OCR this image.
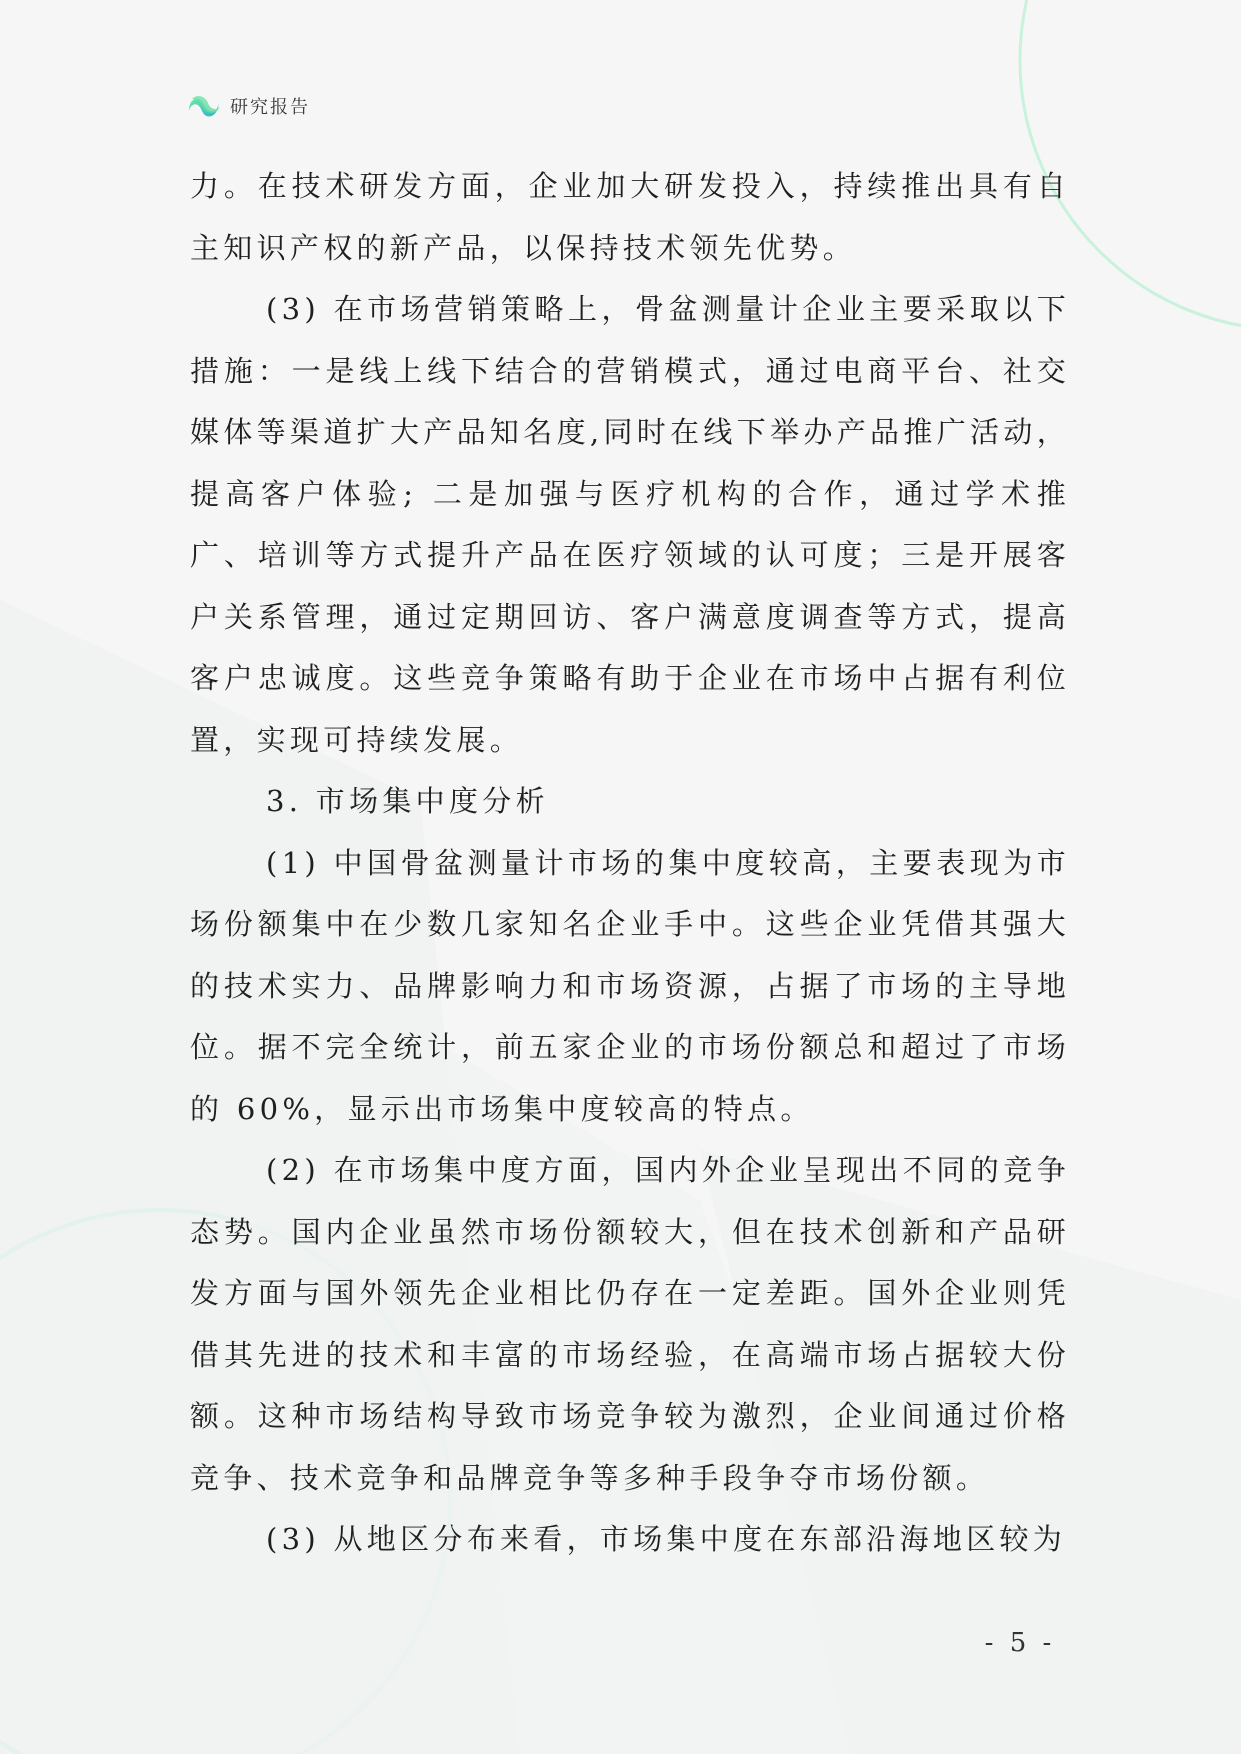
研究报告

力。在技术研发方面，企业加大研发投入，持续推出具有自主知识产权的新产品，以保持技术领先优势。

(3) 在市场营销策略上，骨盆测量计企业主要采取以下措施：一是线上线下结合的营销模式，通过电商平台、社交媒体等渠道扩大产品知名度,同时在线下举办产品推广活动，提高客户体验; 二是加强与医疗机构的合作，通过学术推广、培训等方式提升产品在医疗领域的认可度；三是开展客户关系管理，通过定期回访、客户满意度调查等方式，提高客户忠诚度。这些竞争策略有助于企业在市场中占据有利位置，实现可持续发展。

3. 市场集中度分析

(1) 中国骨盆测量计市场的集中度较高，主要表现为市场份额集中在少数几家知名企业手中。这些企业凭借其强大的技术实力、品牌影响力和市场资源，占据了市场的主导地位。据不完全统计，前五家企业的市场份额总和超过了市场的 60%，显示出市场集中度较高的特点。

(2) 在市场集中度方面，国内外企业呈现出不同的竞争态势。国内企业虽然市场份额较大，但在技术创新和产品研发方面与国外领先企业相比仍存在一定差距。国外企业则凭借其先进的技术和丰富的市场经验，在高端市场占据较大份额。这种市场结构导致市场竞争较为激烈，企业间通过价格竞争、技术竞争和品牌竞争等多种手段争夺市场份额。

(3) 从地区分布来看，市场集中度在东部沿海地区较为

- 5 -
